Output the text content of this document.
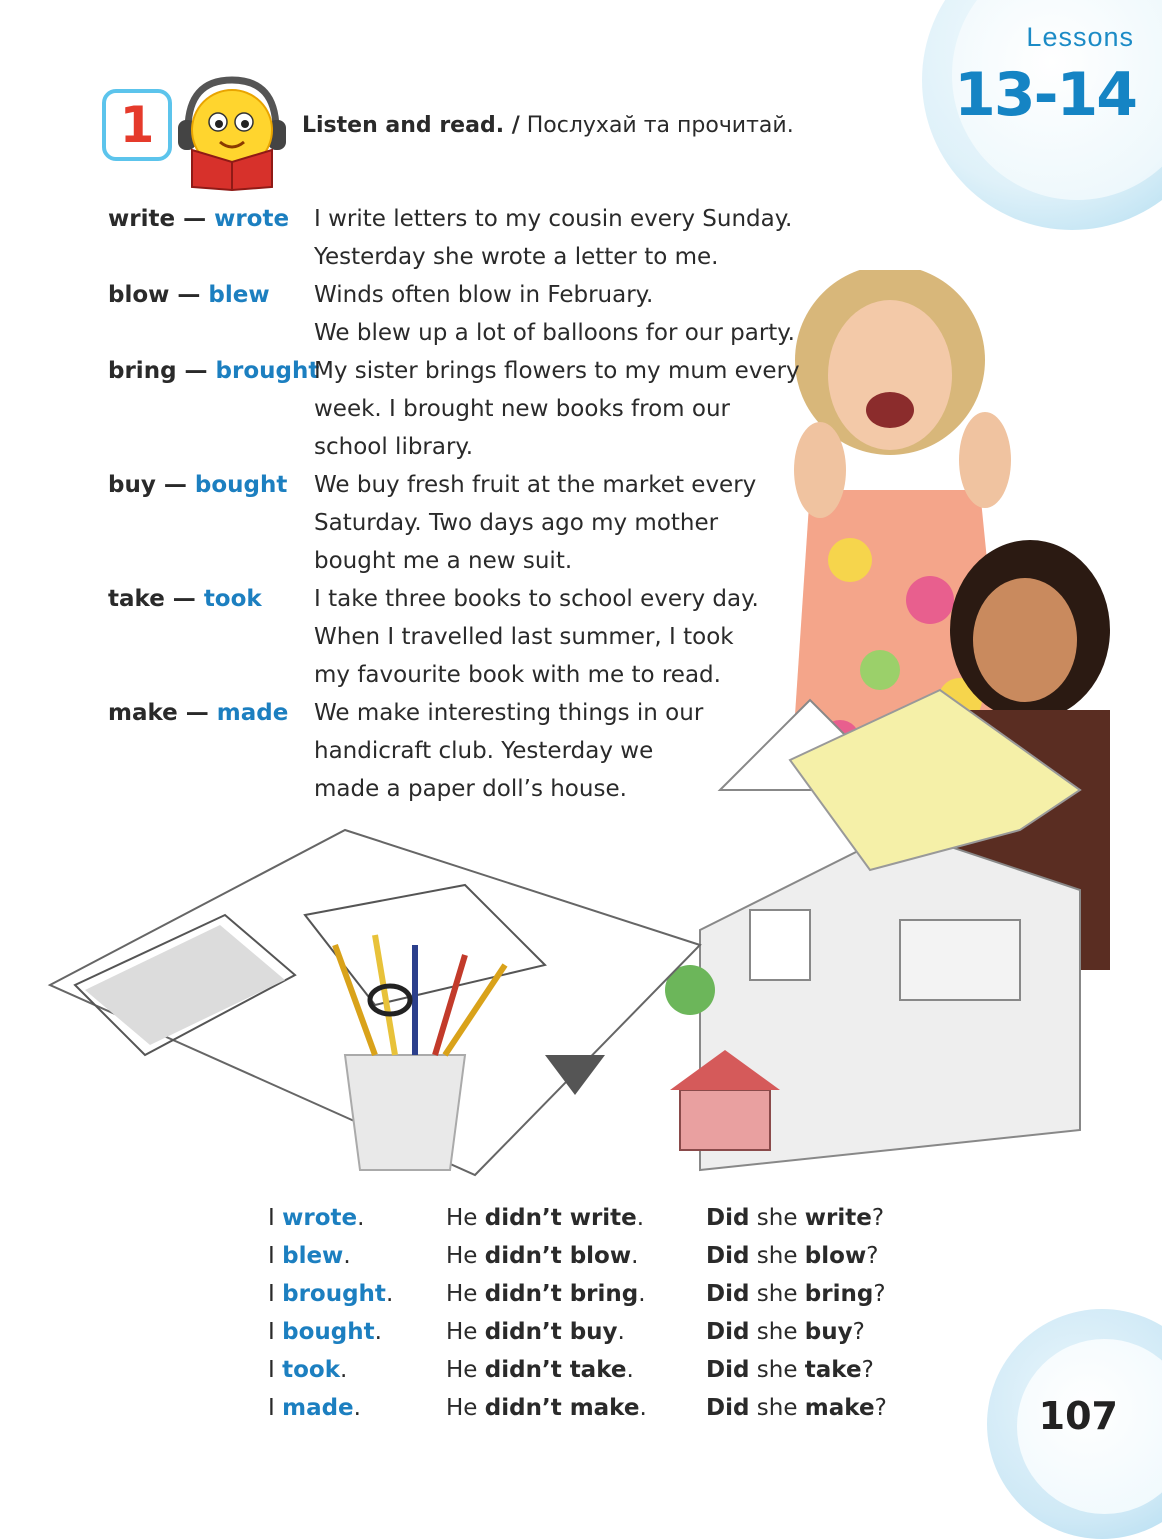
Lessons
13-14
1	Listen and read. / Послухай та прочитай.
write — wrote	I write letters to my cousin every Sunday.
Yesterday she wrote a letter to me.
blow — blew	Winds often blow in February.
We blew up a lot of balloons for our party.
bring — brought
My sister brings flowers to my mum every
week. I brought new books from our
school library.
buy — bought	We buy fresh fruit at the market every
Saturday. Two days ago my mother
bought me a new suit.
take — took	I take three books to school every day.
When I travelled last summer, I took
my favourite book with me to read.
make — made	We make interesting things in our
handicraft club. Yesterday we
made a paper doll’s house.
I wrote.	He didn’t write.	Did she write?
I blew.	He didn’t blow.	Did she blow?
I brought.	He didn’t bring.	Did she bring?
I bought.	He didn’t buy.	Did she buy?
I took.	He didn’t take.	Did she take?
I made.	He didn’t make.	Did she make?	107
